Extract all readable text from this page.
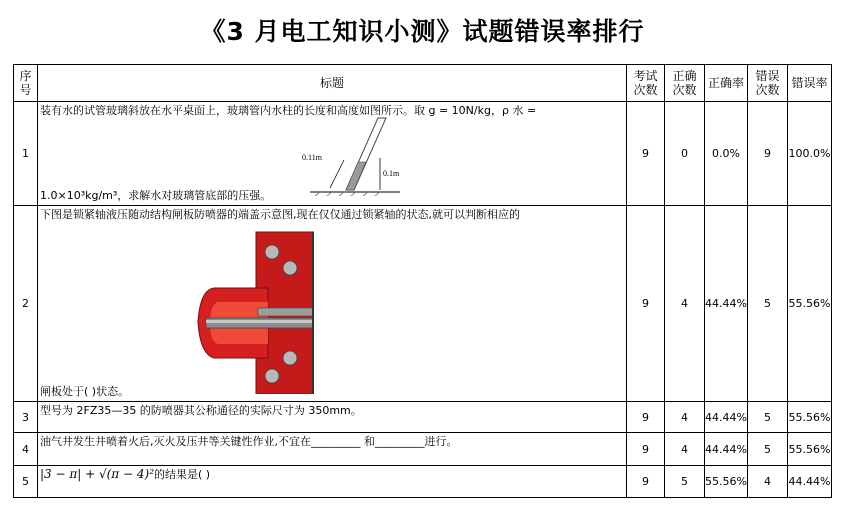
《3 月电工知识小测》试题错误率排行
序
号	标题	考试
次数	正确
次数	正确率	错误
次数	错误率
1	装有水的试管玻璃斜放在水平桌面上，玻璃管内水柱的长度和高度如图所示。取 g = 10N/kg，ρ 水 =
0.11m
0.1m
1.0×10³kg/m³，求解水对玻璃管底部的压强。	9	0	0.0%	9	100.0%
2	下图是锁紧轴液压随动结构闸板防喷器的端盖示意图,现在仅仅通过锁紧轴的状态,就可以判断相应的
闸板处于( )状态。	9	4	44.44%	5	55.56%
3	型号为 2FZ35—35 的防喷器其公称通径的实际尺寸为 350mm。	9	4	44.44%	5	55.56%
4	油气井发生井喷着火后,灭火及压井等关键性作业,不宜在_________ 和_________进行。	9	4	44.44%	5	55.56%
5	|3 − π| + √(π − 4)²的结果是( )	9	5	55.56%	4	44.44%
